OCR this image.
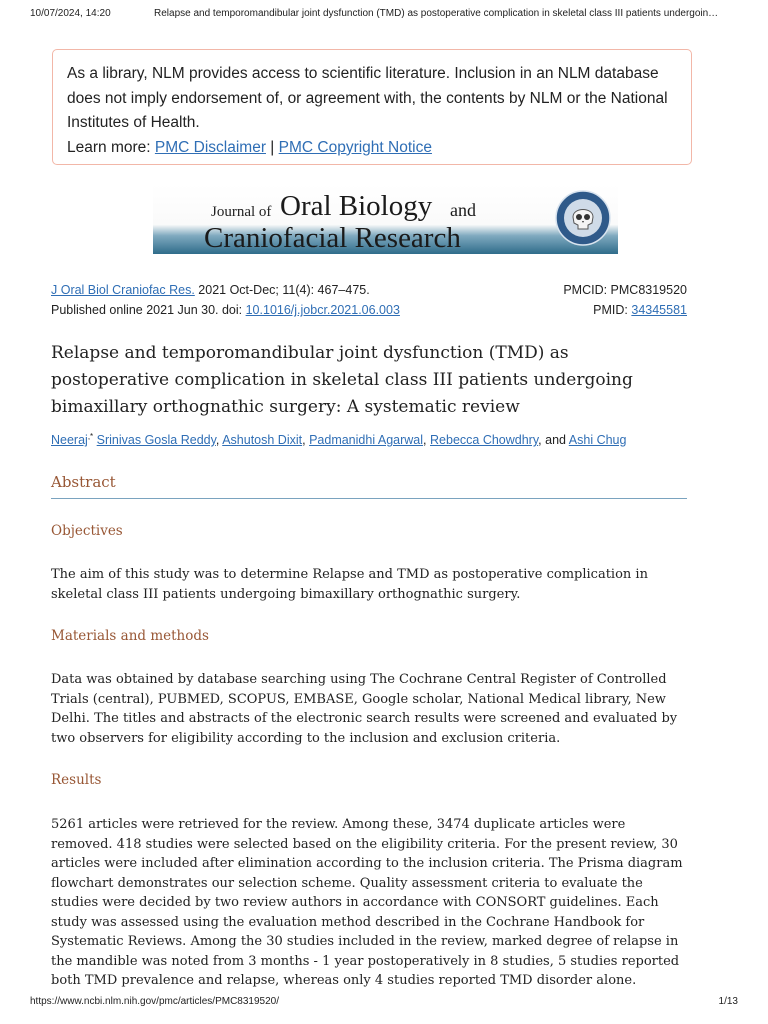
10/07/2024, 14:20	Relapse and temporomandibular joint dysfunction (TMD) as postoperative complication in skeletal class III patients undergoin…
As a library, NLM provides access to scientific literature. Inclusion in an NLM database does not imply endorsement of, or agreement with, the contents by NLM or the National Institutes of Health.
Learn more: PMC Disclaimer | PMC Copyright Notice
Journal of Oral Biology and
Craniofacial Research
J Oral Biol Craniofac Res. 2021 Oct-Dec; 11(4): 467–475.	PMCID: PMC8319520
Published online 2021 Jun 30. doi: 10.1016/j.jobcr.2021.06.003	PMID: 34345581
Relapse and temporomandibular joint dysfunction (TMD) as postoperative complication in skeletal class III patients undergoing bimaxillary orthognathic surgery: A systematic review
Neeraj,* Srinivas Gosla Reddy, Ashutosh Dixit, Padmanidhi Agarwal, Rebecca Chowdhry, and Ashi Chug
Abstract
Objectives
The aim of this study was to determine Relapse and TMD as postoperative complication in skeletal class III patients undergoing bimaxillary orthognathic surgery.
Materials and methods
Data was obtained by database searching using The Cochrane Central Register of Controlled Trials (central), PUBMED, SCOPUS, EMBASE, Google scholar, National Medical library, New Delhi. The titles and abstracts of the electronic search results were screened and evaluated by two observers for eligibility according to the inclusion and exclusion criteria.
Results
5261 articles were retrieved for the review. Among these, 3474 duplicate articles were removed. 418 studies were selected based on the eligibility criteria. For the present review, 30 articles were included after elimination according to the inclusion criteria. The Prisma diagram flowchart demonstrates our selection scheme. Quality assessment criteria to evaluate the studies were decided by two review authors in accordance with CONSORT guidelines. Each study was assessed using the evaluation method described in the Cochrane Handbook for Systematic Reviews. Among the 30 studies included in the review, marked degree of relapse in the mandible was noted from 3 months - 1 year postoperatively in 8 studies, 5 studies reported both TMD prevalence and relapse, whereas only 4 studies reported TMD disorder alone.
https://www.ncbi.nlm.nih.gov/pmc/articles/PMC8319520/	1/13
